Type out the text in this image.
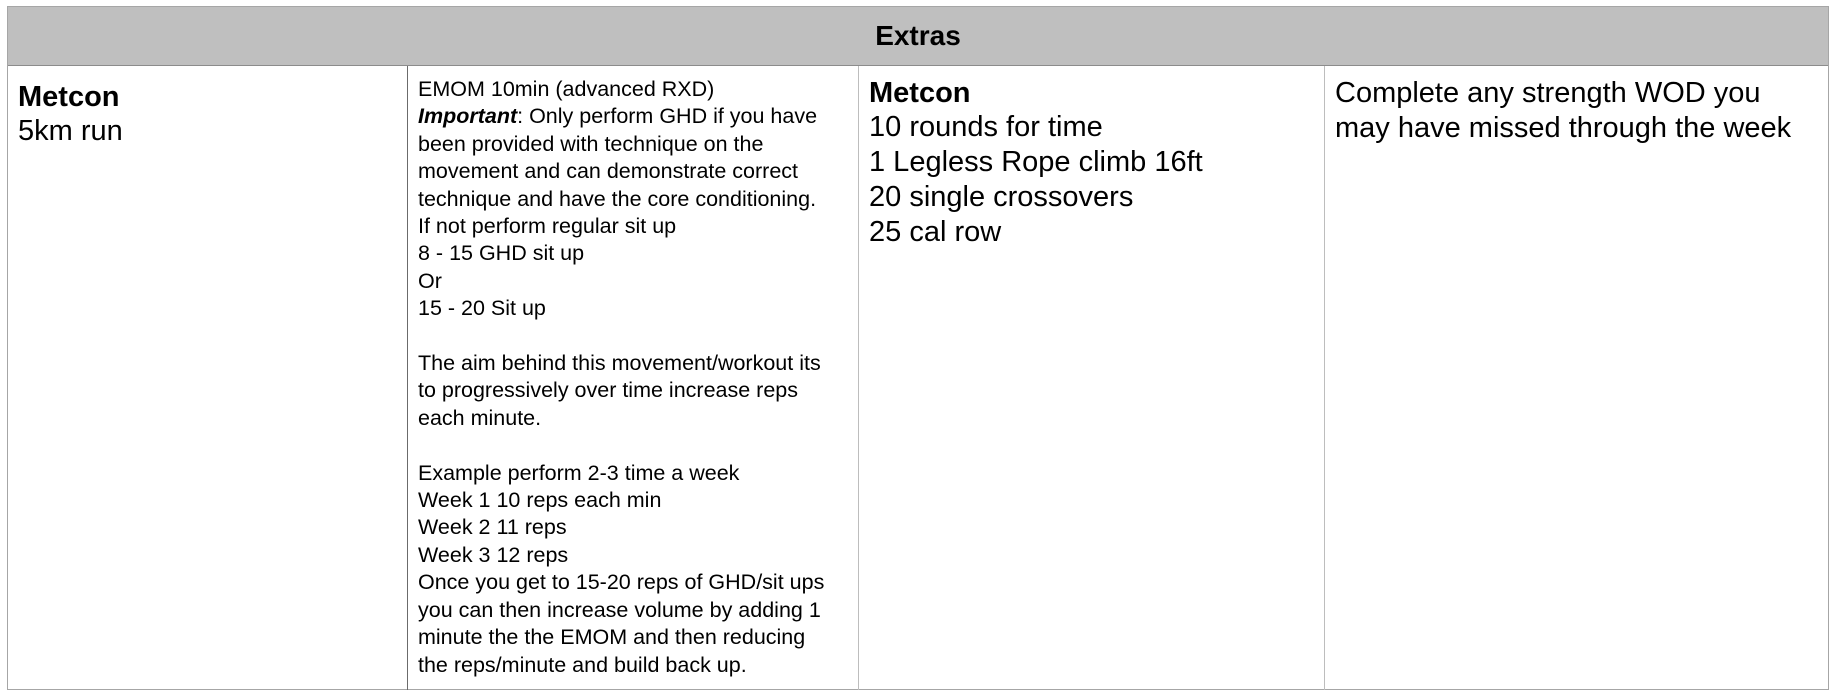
Extras
Metcon
5km run
EMOM 10min (advanced RXD)
Important: Only perform GHD if you have
been provided with technique on the
movement and can demonstrate correct
technique and have the core conditioning.
If not perform regular sit up
8 - 15 GHD sit up
Or
15 - 20 Sit up
The aim behind this movement/workout its
to progressively over time increase reps
each minute.
Example perform 2-3 time a week
Week 1 10 reps each min
Week 2 11 reps
Week 3 12 reps
Once you get to 15-20 reps of GHD/sit ups
you can then increase volume by adding 1
minute the the EMOM and then reducing
the reps/minute and build back up.
Metcon
10 rounds for time
1 Legless Rope climb 16ft
20 single crossovers
25 cal row
Complete any strength WOD you
may have missed through the week
